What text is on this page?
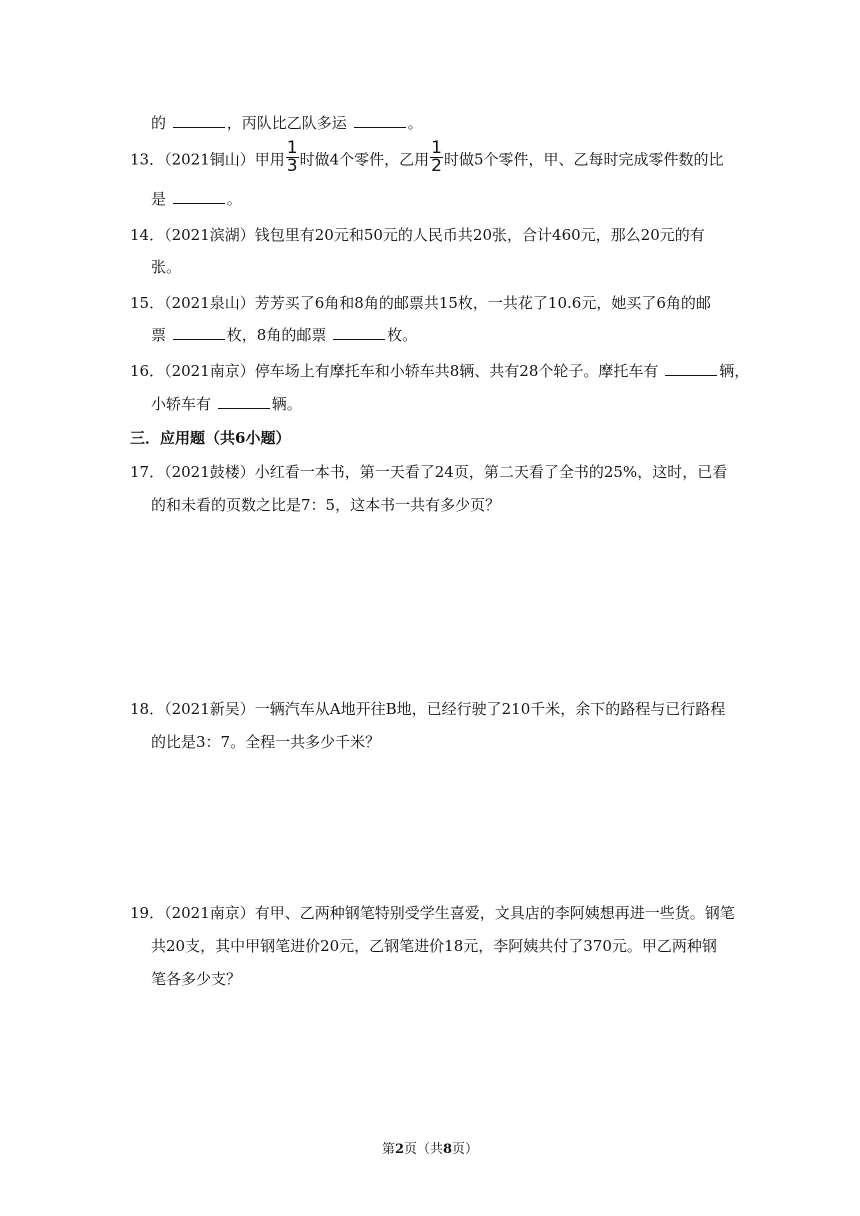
的	，丙队比乙队多运	。
13．（2021铜山）甲用 $\frac{1}{3}$ 时做4个零件，乙用 $\frac{1}{2}$ 时做5个零件，甲、乙每时完成零件数的比
是	。
14．（2021滨湖）钱包里有20元和50元的人民币共20张，合计460元，那么20元的有
张。
15．（2021泉山）芳芳买了6角和8角的邮票共15枚，一共花了10.6元，她买了6角的邮
票	枚，8角的邮票	枚。
16．（2021南京）停车场上有摩托车和小轿车共8辆、共有28个轮子。摩托车有	辆，
小轿车有	辆。
三．应用题（共6小题）
17．（2021鼓楼）小红看一本书，第一天看了24页，第二天看了全书的25%，这时，已看
的和未看的页数之比是7：5，这本书一共有多少页？
18．（2021新吴）一辆汽车从A地开往B地，已经行驶了210千米，余下的路程与已行路程
的比是3：7。全程一共多少千米？
19．（2021南京）有甲、乙两种钢笔特别受学生喜爱，文具店的李阿姨想再进一些货。钢笔
共20支，其中甲钢笔进价20元，乙钢笔进价18元，李阿姨共付了370元。甲乙两种钢
笔各多少支？
第2页（共8页）
